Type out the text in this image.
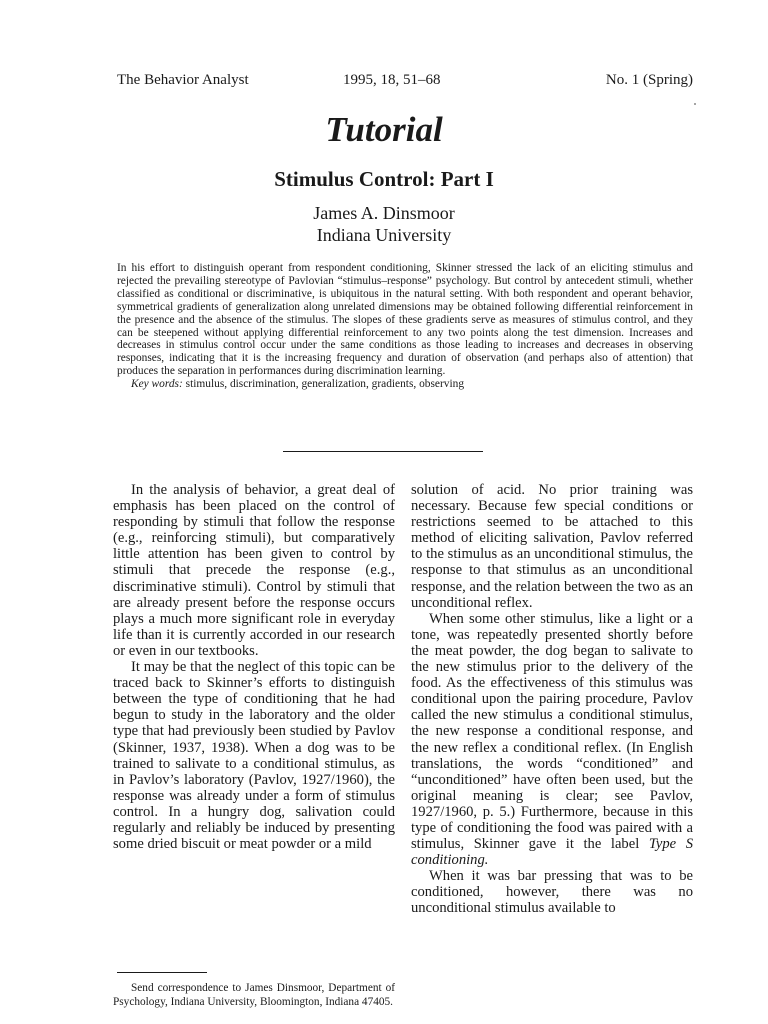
The Behavior Analyst	1995, 18, 51–68	No. 1 (Spring)
Tutorial
Stimulus Control: Part I

James A. Dinsmoor

Indiana University

In his effort to distinguish operant from respondent conditioning, Skinner stressed the lack of an eliciting stimulus and rejected the prevailing stereotype of Pavlovian “stimulus–response” psychology. But control by antecedent stimuli, whether classified as conditional or discriminative, is ubiquitous in the natural setting. With both respondent and operant behavior, symmetrical gradients of generalization along unrelated dimensions may be obtained following differential reinforcement in the presence and the absence of the stimulus. The slopes of these gradients serve as measures of stimulus control, and they can be steepened without applying differential reinforcement to any two points along the test dimension. Increases and decreases in stimulus control occur under the same conditions as those leading to increases and decreases in observing responses, indicating that it is the increasing frequency and duration of observation (and perhaps also of attention) that produces the separation in performances during discrimination learning.

Key words: stimulus, discrimination, generalization, gradients, observing

In the analysis of behavior, a great deal of emphasis has been placed on the control of responding by stimuli that follow the response (e.g., reinforcing stimuli), but comparatively little attention has been given to control by stimuli that precede the response (e.g., discriminative stimuli). Control by stimuli that are already present before the response occurs plays a much more significant role in everyday life than it is currently accorded in our research or even in our textbooks.

It may be that the neglect of this topic can be traced back to Skinner’s efforts to distinguish between the type of conditioning that he had begun to study in the laboratory and the older type that had previously been studied by Pavlov (Skinner, 1937, 1938). When a dog was to be trained to salivate to a conditional stimulus, as in Pavlov’s laboratory (Pavlov, 1927/1960), the response was already under a form of stimulus control. In a hungry dog, salivation could regularly and reliably be induced by presenting some dried biscuit or meat powder or a mild

solution of acid. No prior training was necessary. Because few special conditions or restrictions seemed to be attached to this method of eliciting salivation, Pavlov referred to the stimulus as an unconditional stimulus, the response to that stimulus as an unconditional response, and the relation between the two as an unconditional reflex.

When some other stimulus, like a light or a tone, was repeatedly presented shortly before the meat powder, the dog began to salivate to the new stimulus prior to the delivery of the food. As the effectiveness of this stimulus was conditional upon the pairing procedure, Pavlov called the new stimulus a conditional stimulus, the new response a conditional response, and the new reflex a conditional reflex. (In English translations, the words “conditioned” and “unconditioned” have often been used, but the original meaning is clear; see Pavlov, 1927/1960, p. 5.) Furthermore, because in this type of conditioning the food was paired with a stimulus, Skinner gave it the label Type S conditioning.

When it was bar pressing that was to be conditioned, however, there was no unconditional stimulus available to

Send correspondence to James Dinsmoor, Department of Psychology, Indiana University, Bloomington, Indiana 47405.
